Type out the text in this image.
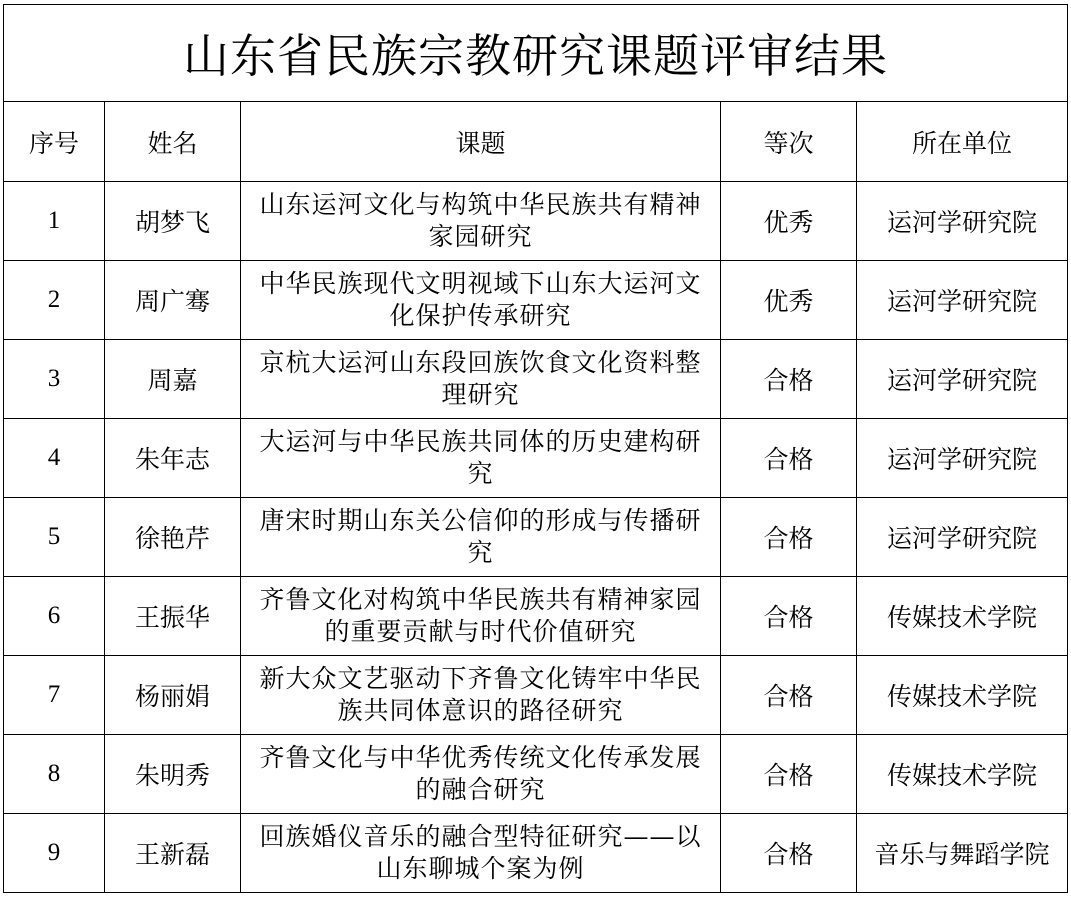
山东省民族宗教研究课题评审结果				
序号	姓名	课题	等次	所在单位
1	胡梦飞	山东运河文化与构筑中华民族共有精神家园研究	优秀	运河学研究院
2	周广骞	中华民族现代文明视域下山东大运河文化保护传承研究	优秀	运河学研究院
3	周嘉	京杭大运河山东段回族饮食文化资料整理研究	合格	运河学研究院
4	朱年志	大运河与中华民族共同体的历史建构研究	合格	运河学研究院
5	徐艳芹	唐宋时期山东关公信仰的形成与传播研究	合格	运河学研究院
6	王振华	齐鲁文化对构筑中华民族共有精神家园的重要贡献与时代价值研究	合格	传媒技术学院
7	杨丽娟	新大众文艺驱动下齐鲁文化铸牢中华民族共同体意识的路径研究	合格	传媒技术学院
8	朱明秀	齐鲁文化与中华优秀传统文化传承发展的融合研究	合格	传媒技术学院
9	王新磊	回族婚仪音乐的融合型特征研究——以山东聊城个案为例	合格	音乐与舞蹈学院
